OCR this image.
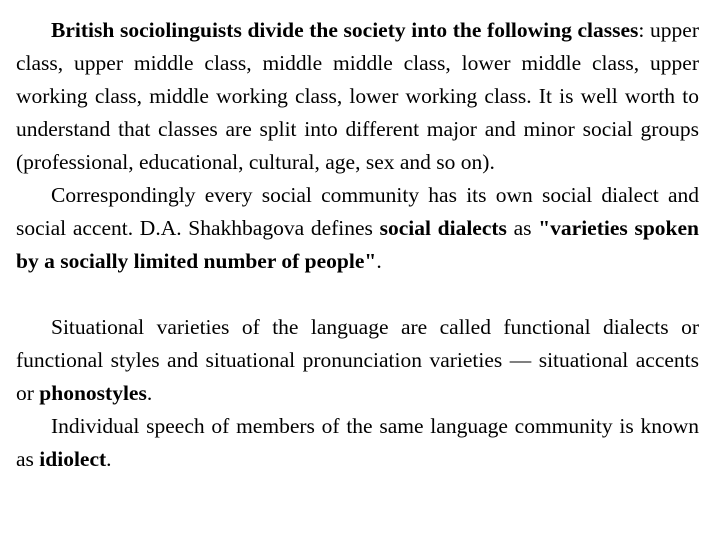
British sociolinguists divide the society into the following classes: upper class, upper middle class, middle middle class, lower middle class, upper working class, middle working class, lower working class. It is well worth to understand that classes are split into different major and minor social groups (professional, educational, cultural, age, sex and so on).

Correspondingly every social community has its own social dialect and social accent. D.A. Shakhbagova defines social dialects as "varieties spoken by a socially limited number of people".

Situational varieties of the language are called functional dialects or functional styles and situational pronunciation varieties — situational accents or phonostyles.

Individual speech of members of the same language community is known as idiolect.
